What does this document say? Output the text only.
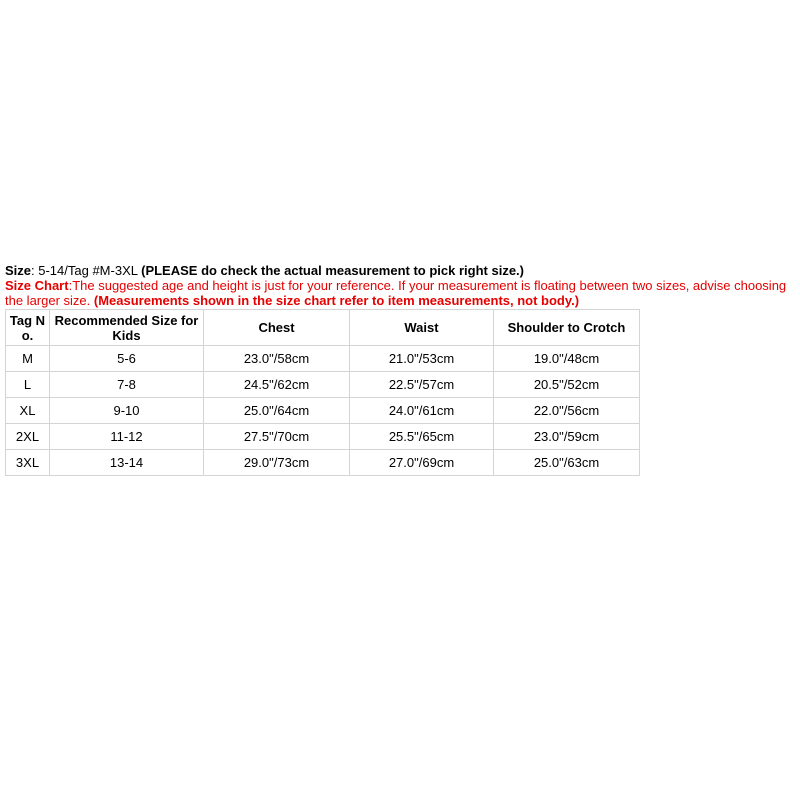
Size: 5-14/Tag #M-3XL (PLEASE do check the actual measurement to pick right size.)
Size Chart:The suggested age and height is just for your reference. If your measurement is floating between two sizes, advise choosing the larger size. (Measurements shown in the size chart refer to item measurements, not body.)
Tag N o.	Recommended Size for Kids	Chest	Waist	Shoulder to Crotch
M	5-6	23.0"/58cm	21.0"/53cm	19.0"/48cm
L	7-8	24.5"/62cm	22.5"/57cm	20.5"/52cm
XL	9-10	25.0"/64cm	24.0"/61cm	22.0"/56cm
2XL	11-12	27.5"/70cm	25.5"/65cm	23.0"/59cm
3XL	13-14	29.0"/73cm	27.0"/69cm	25.0"/63cm
